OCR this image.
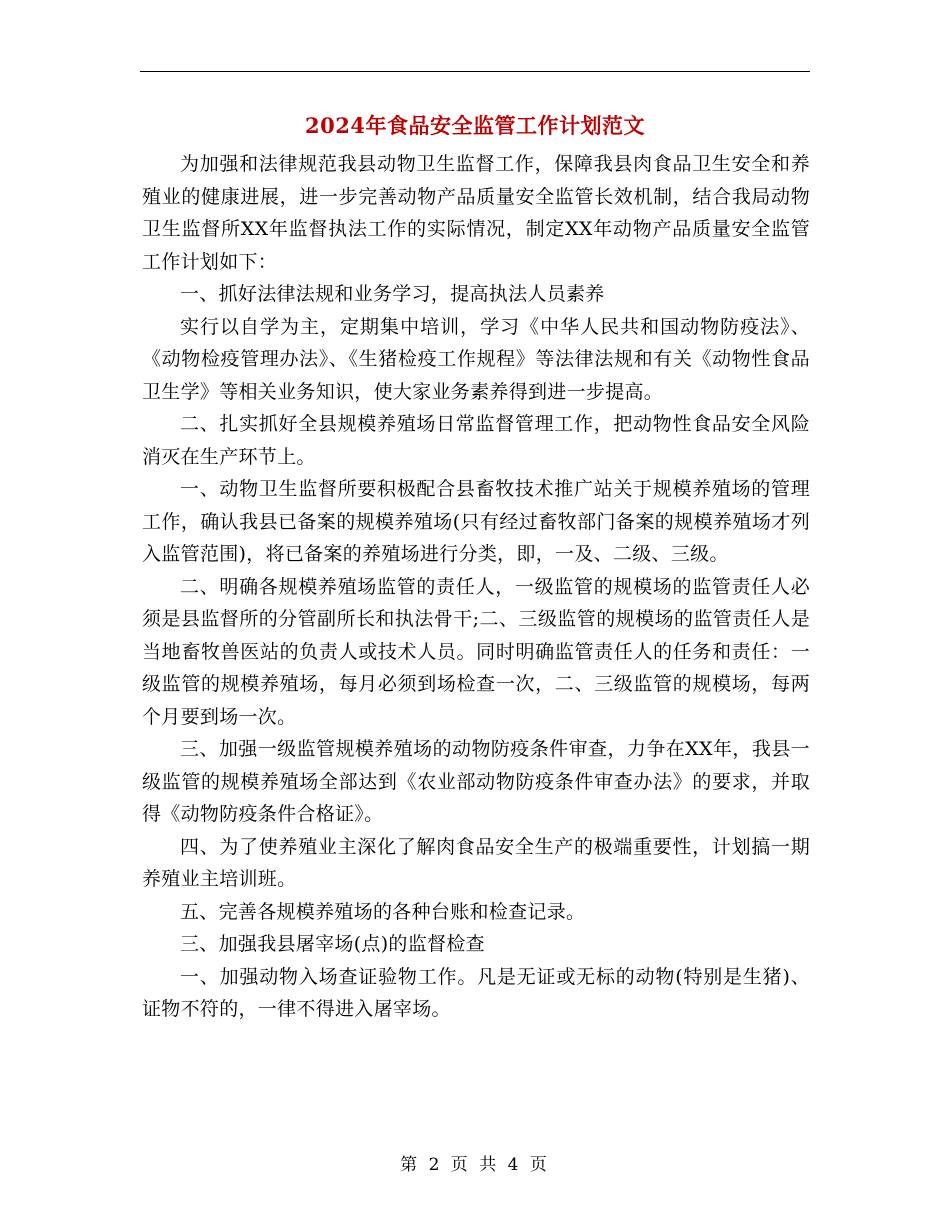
2024年食品安全监管工作计划范文

为加强和法律规范我县动物卫生监督工作，保障我县肉食品卫生安全和养殖业的健康进展，进一步完善动物产品质量安全监管长效机制，结合我局动物卫生监督所XX年监督执法工作的实际情况，制定XX年动物产品质量安全监管工作计划如下：

一、抓好法律法规和业务学习，提高执法人员素养

实行以自学为主，定期集中培训，学习《中华人民共和国动物防疫法》、《动物检疫管理办法》、《生猪检疫工作规程》等法律法规和有关《动物性食品卫生学》等相关业务知识，使大家业务素养得到进一步提高。

二、扎实抓好全县规模养殖场日常监督管理工作，把动物性食品安全风险消灭在生产环节上。

一、动物卫生监督所要积极配合县畜牧技术推广站关于规模养殖场的管理工作，确认我县已备案的规模养殖场(只有经过畜牧部门备案的规模养殖场才列入监管范围)，将已备案的养殖场进行分类，即，一及、二级、三级。

二、明确各规模养殖场监管的责任人，一级监管的规模场的监管责任人必须是县监督所的分管副所长和执法骨干;二、三级监管的规模场的监管责任人是当地畜牧兽医站的负责人或技术人员。同时明确监管责任人的任务和责任：一级监管的规模养殖场，每月必须到场检查一次，二、三级监管的规模场，每两个月要到场一次。

三、加强一级监管规模养殖场的动物防疫条件审查，力争在XX年，我县一级监管的规模养殖场全部达到《农业部动物防疫条件审查办法》的要求，并取得《动物防疫条件合格证》。

四、为了使养殖业主深化了解肉食品安全生产的极端重要性，计划搞一期养殖业主培训班。

五、完善各规模养殖场的各种台账和检查记录。

三、加强我县屠宰场(点)的监督检查

一、加强动物入场查证验物工作。凡是无证或无标的动物(特别是生猪)、证物不符的，一律不得进入屠宰场。

第 2 页 共 4 页
